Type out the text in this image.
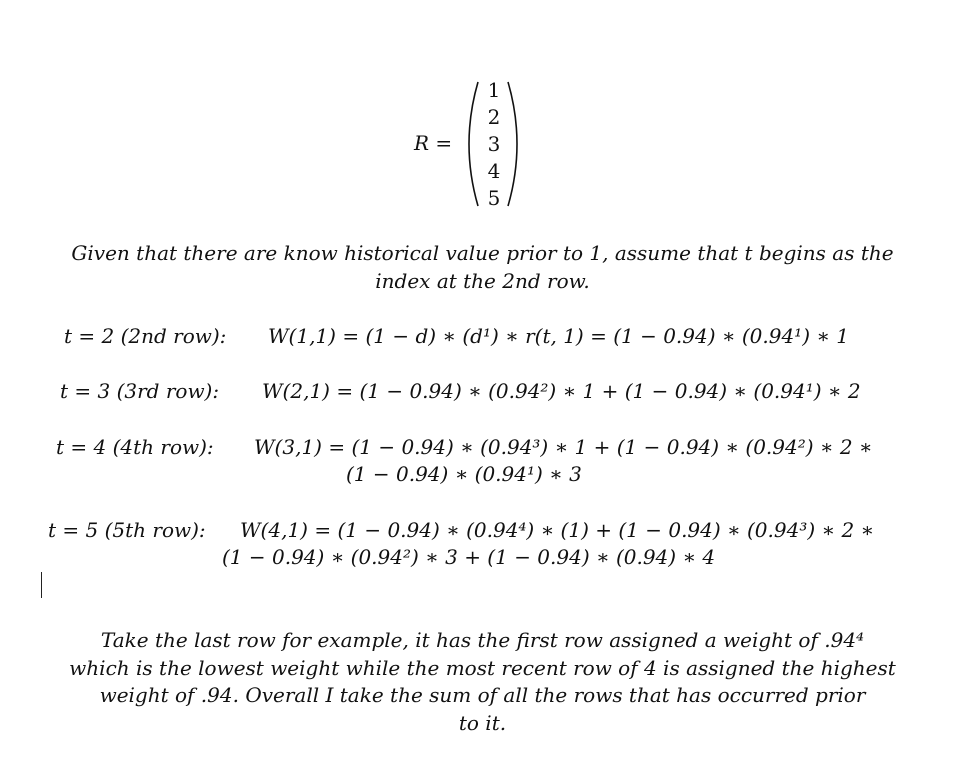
R =
1
2
3
4
5
Given that there are know historical value prior to 1, assume that t begins as the
index at the 2nd row.
t = 2 (2nd row): W(1,1) = (1 − d) ∗ (d¹) ∗ r(t, 1) = (1 − 0.94) ∗ (0.94¹) ∗ 1
t = 3 (3rd row): W(2,1) = (1 − 0.94) ∗ (0.94²) ∗ 1 + (1 − 0.94) ∗ (0.94¹) ∗ 2
t = 4 (4th row): W(3,1) = (1 − 0.94) ∗ (0.94³) ∗ 1 + (1 − 0.94) ∗ (0.94²) ∗ 2 ∗
(1 − 0.94) ∗ (0.94¹) ∗ 3
t = 5 (5th row): W(4,1) = (1 − 0.94) ∗ (0.94⁴) ∗ (1) + (1 − 0.94) ∗ (0.94³) ∗ 2 ∗
(1 − 0.94) ∗ (0.94²) ∗ 3 + (1 − 0.94) ∗ (0.94) ∗ 4
Take the last row for example, it has the first row assigned a weight of .94⁴
which is the lowest weight while the most recent row of 4 is assigned the highest
weight of .94. Overall I take the sum of all the rows that has occurred prior
to it.
